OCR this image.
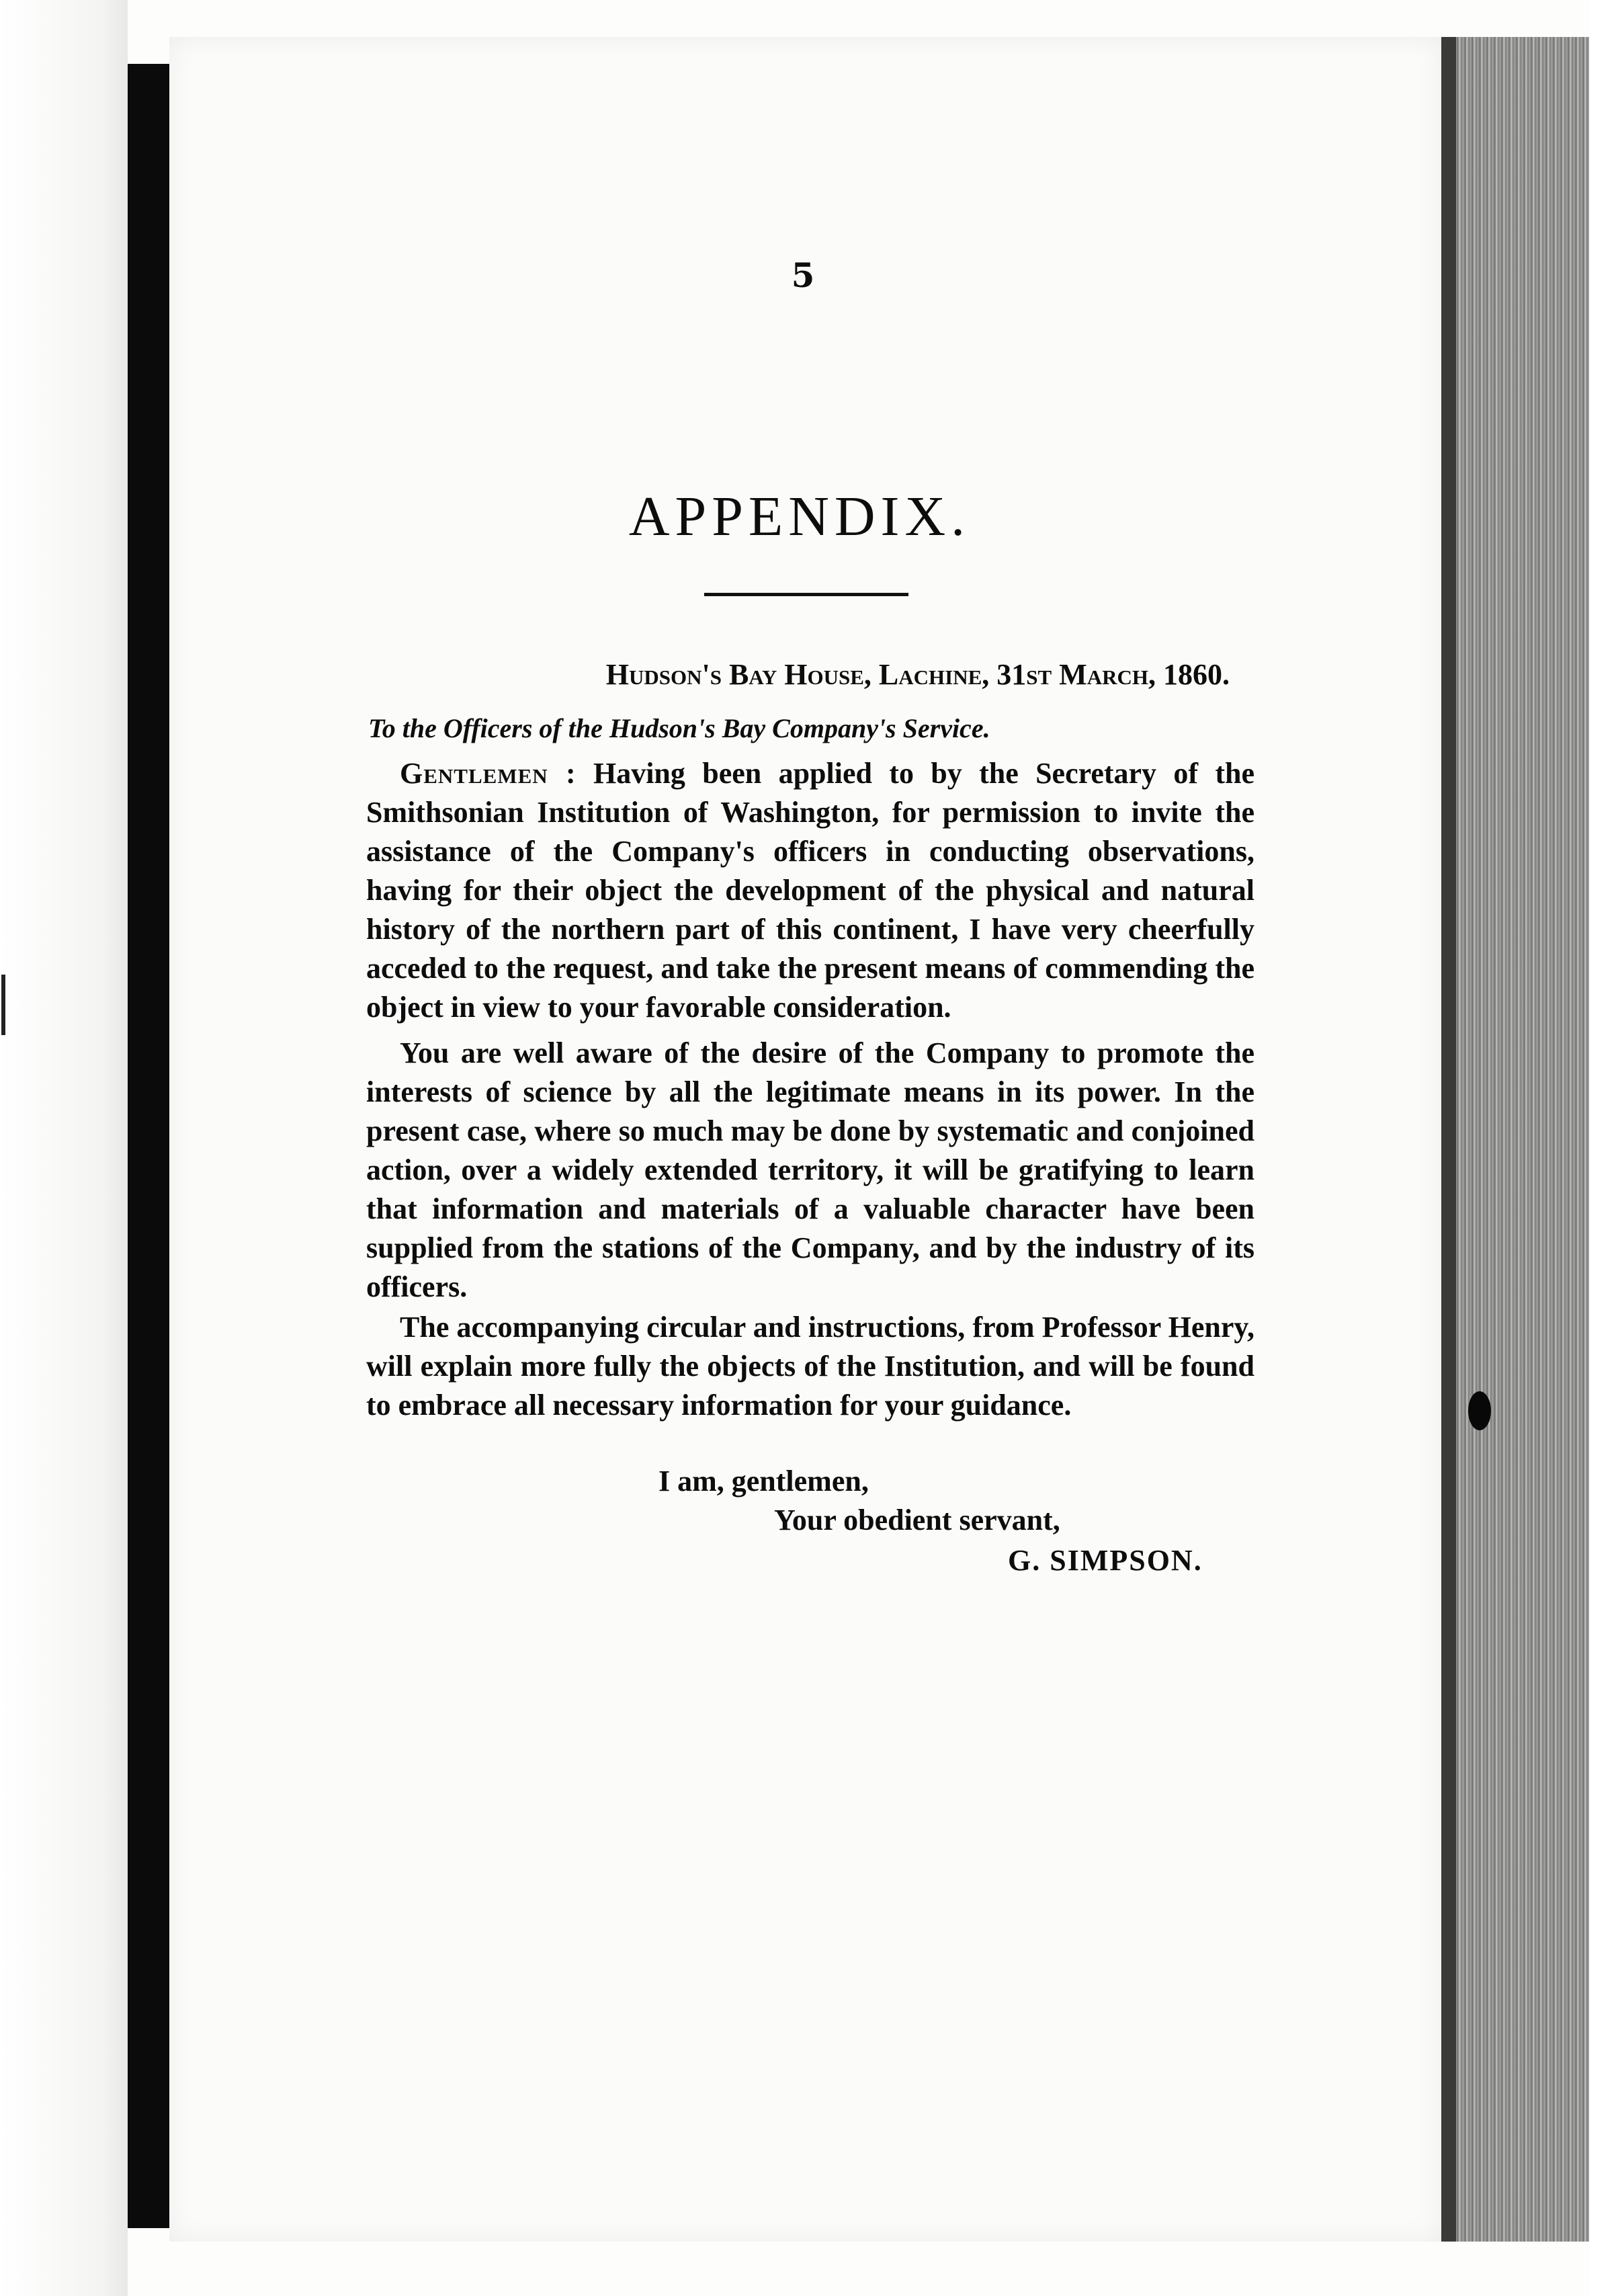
5
APPENDIX.
Hudson's Bay House, Lachine, 31st March, 1860.
To the Officers of the Hudson's Bay Company's Service.
Gentlemen : Having been applied to by the Secretary of the Smithsonian Institution of Washington, for permission to invite the assistance of the Company's officers in conducting observations, having for their object the development of the physical and natural history of the northern part of this continent, I have very cheerfully acceded to the request, and take the present means of commending the object in view to your favorable consideration.
You are well aware of the desire of the Company to promote the interests of science by all the legitimate means in its power. In the present case, where so much may be done by systematic and conjoined action, over a widely extended territory, it will be gratifying to learn that information and materials of a valuable character have been supplied from the stations of the Company, and by the industry of its officers.
The accompanying circular and instructions, from Professor Henry, will explain more fully the objects of the Institution, and will be found to embrace all necessary information for your guidance.
I am, gentlemen,
Your obedient servant,
G. SIMPSON.
